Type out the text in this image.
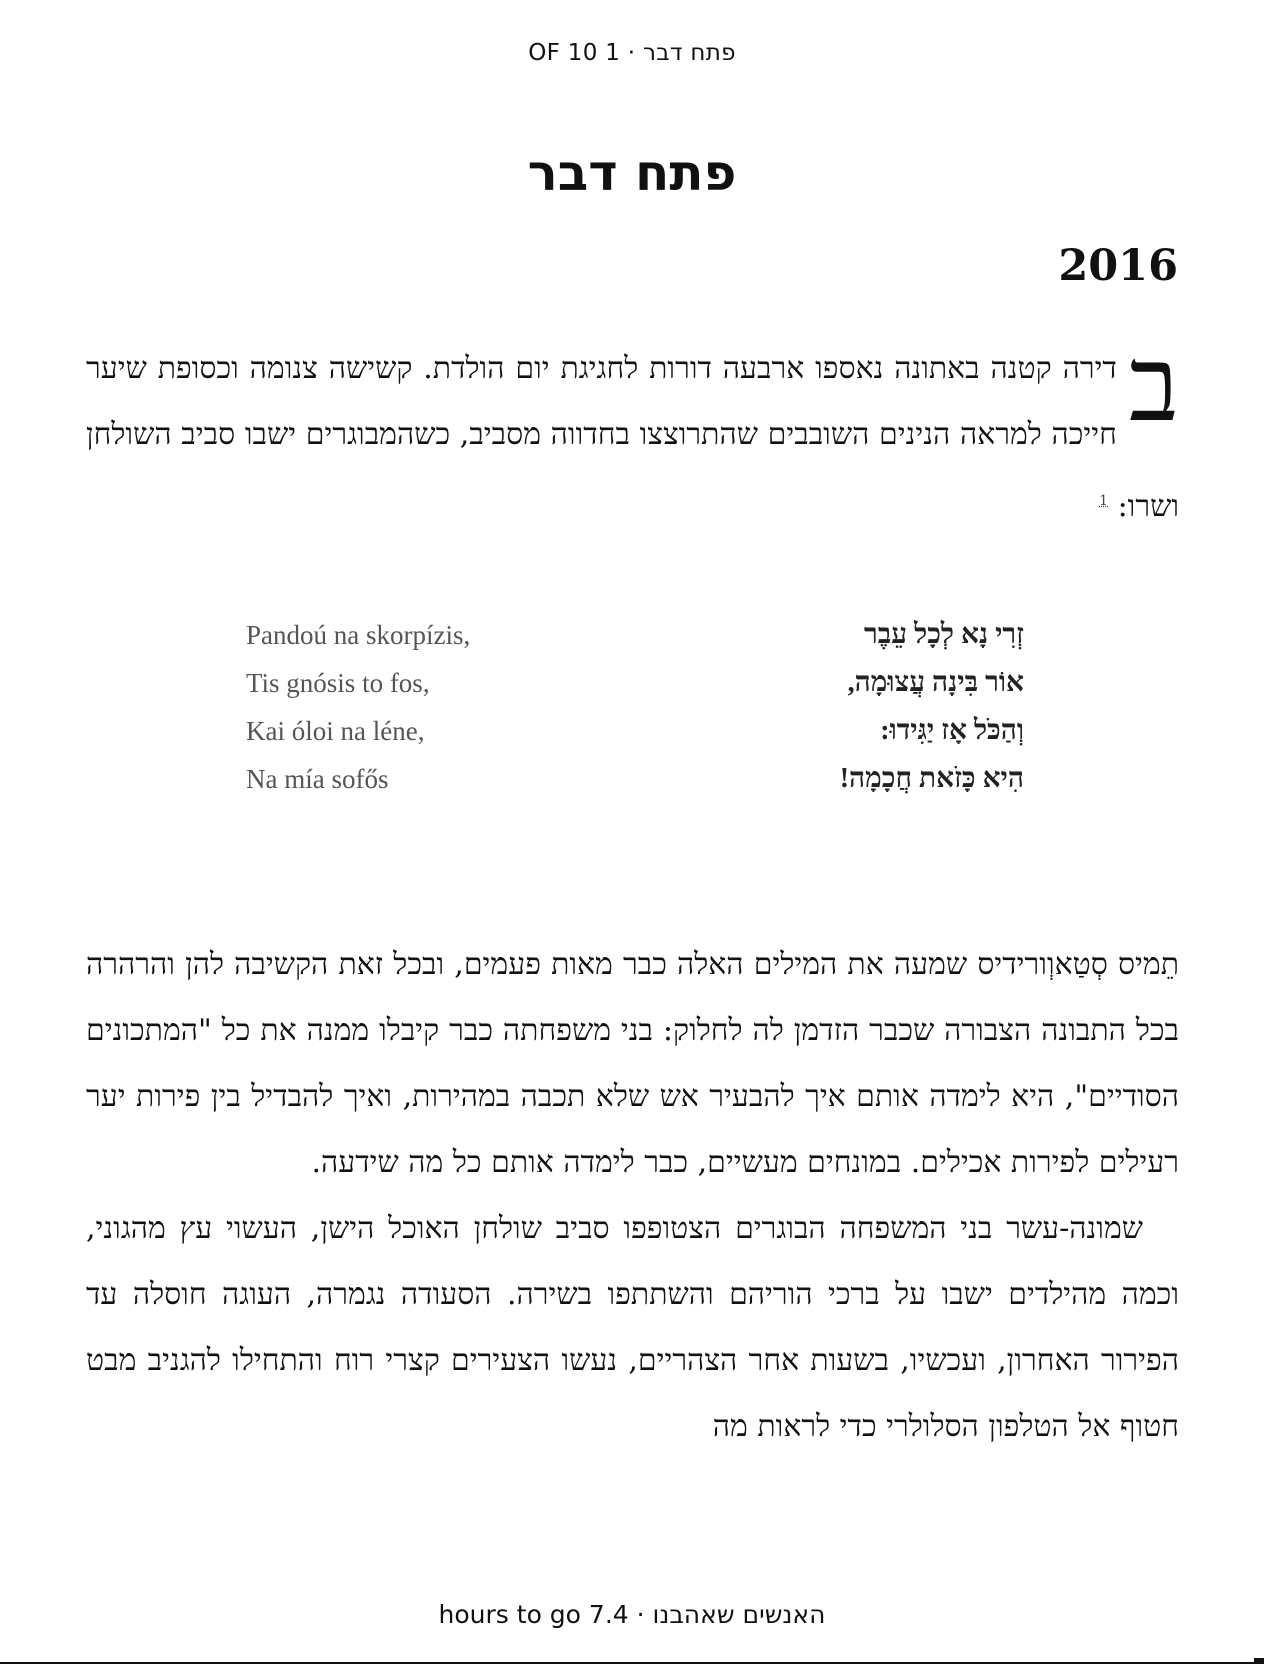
OF 10 1 · פתח דבר
פתח דבר
2016
ב
דירה קטנה באתונה נאספו ארבעה דורות לחגיגת יום הולדת. קשישה צנומה וכסופת שיער חייכה למראה הנינים השובבים שהתרוצצו בחדווה מסביב, כשהמבוגרים ישבו סביב השולחן ושרו: $^1$
Pandoú na skorpízis,	זְרִי נָא לְכָל עֵבֶר
Tis gnósis to fos,	אוֹר בִּינָה עֲצוּמָה,
Kai óloi na léne,	וְהַכֹּל אָז יַגִּידוּ:
Na mía sofős	הִיא כָּזֹאת חֲכָמָה!

תֵמיס סְטַאוְורידיס שמעה את המילים האלה כבר מאות פעמים, ובכל זאת הקשיבה להן והרהרה בכל התבונה הצבורה שכבר הזדמן לה לחלוק: בני משפחתה כבר קיבלו ממנה את כל "המתכונים הסודיים", היא לימדה אותם איך להבעיר אש שלא תכבה במהירות, ואיך להבדיל בין פירות יער רעילים לפירות אכילים. במונחים מעשיים, כבר לימדה אותם כל מה שידעה.

שמונה-עשר בני המשפחה הבוגרים הצטופפו סביב שולחן האוכל הישן, העשוי עץ מהגוני, וכמה מהילדים ישבו על ברכי הוריהם והשתתפו בשירה. הסעודה נגמרה, העוגה חוסלה עד הפירור האחרון, ועכשיו, בשעות אחר הצהריים, נעשו הצעירים קצרי רוח והתחילו להגניב מבט חטוף אל הטלפון הסלולרי כדי לראות מה

hours to go 7.4 · האנשים שאהבנו
